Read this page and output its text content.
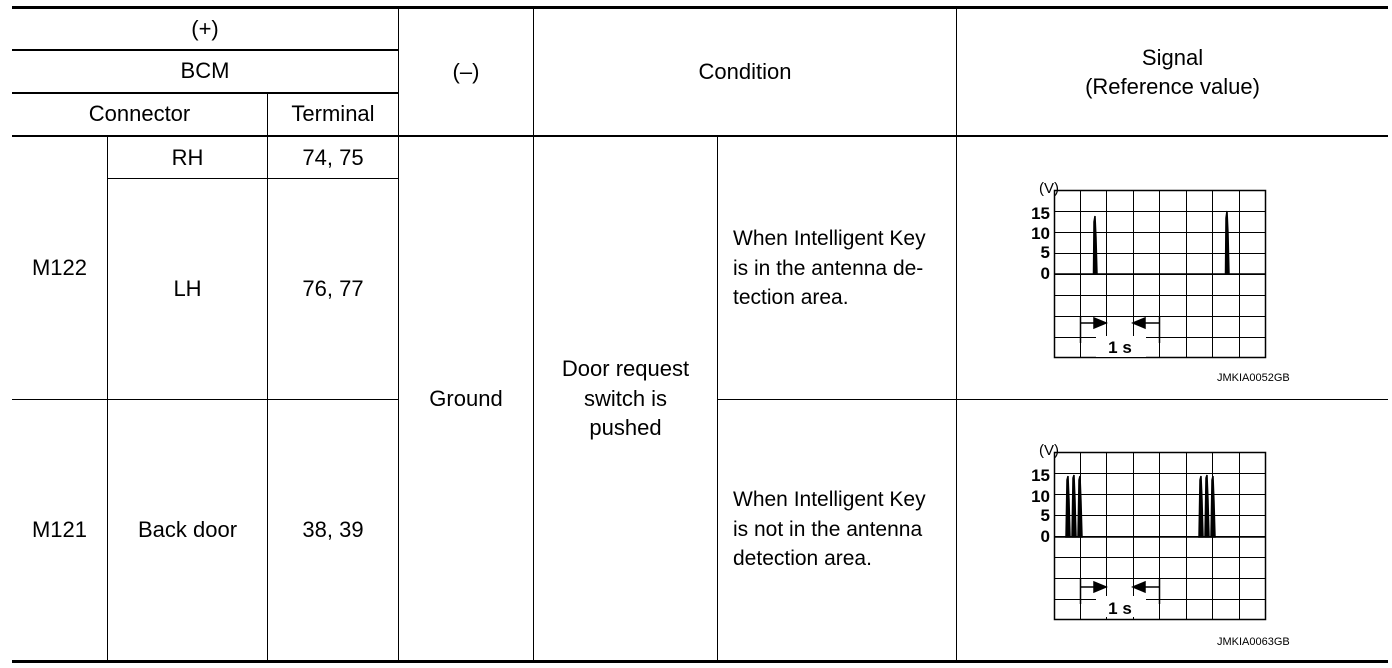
(+)
BCM
Connector	Terminal
(–)	Condition
Signal
(Reference value)
M122
M121
RH
LH
Back door
74, 75
76, 77
38, 39
Ground
Door request
switch is
pushed
When Intelligent Key
is in the antenna de-
tection area.
When Intelligent Key
is not in the antenna
detection area.
(V)
15
10
5
0
1 s
JMKIA0052GB
(V)
15
10
5
0
1 s
JMKIA0063GB
